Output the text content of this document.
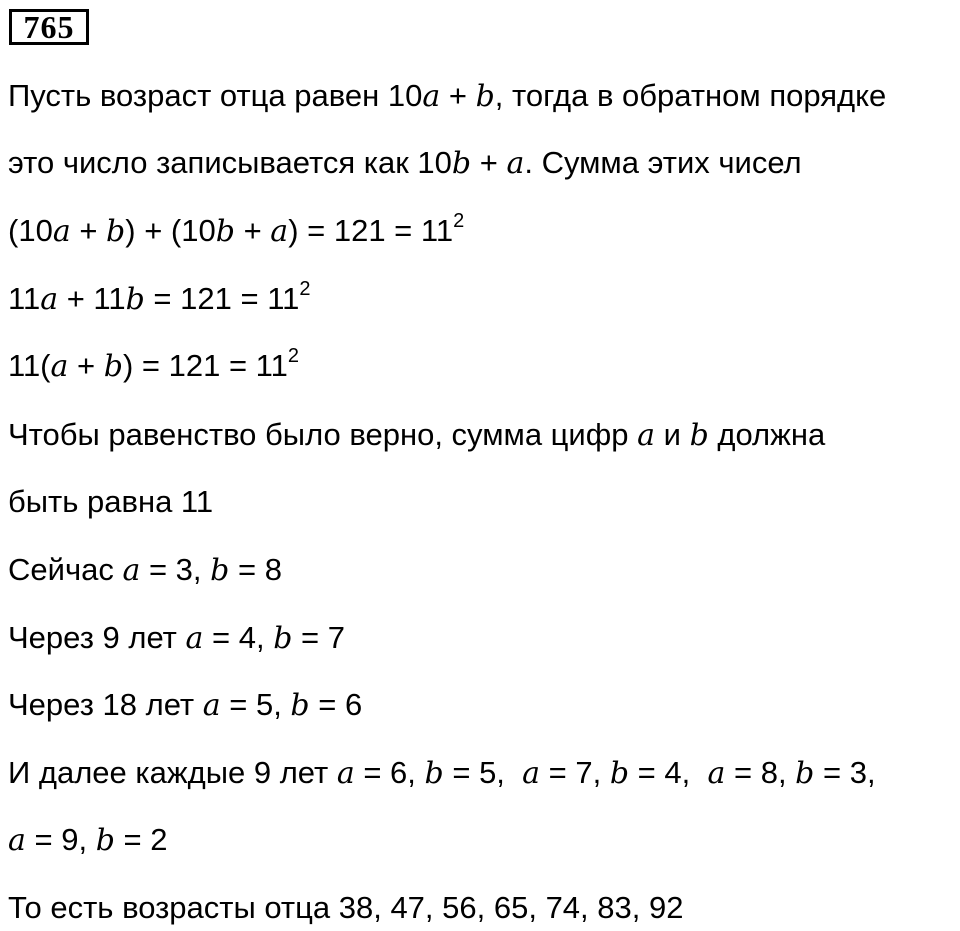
765
Пусть возраст отца равен 10a + b, тогда в обратном порядке
это число записывается как 10b + a. Сумма этих чисел
$(10a + b) + (10b + a) = 121 = 11^2$
$11a + 11b = 121 = 11^2$
$11(a + b) = 121 = 11^2$
Чтобы равенство было верно, сумма цифр a и b должна
быть равна 11
Сейчас a = 3, b = 8
Через 9 лет a = 4, b = 7
Через 18 лет a = 5, b = 6
И далее каждые 9 лет a = 6, b = 5,  a = 7, b = 4,  a = 8, b = 3,
a = 9, b = 2
То есть возрасты отца 38, 47, 56, 65, 74, 83, 92
